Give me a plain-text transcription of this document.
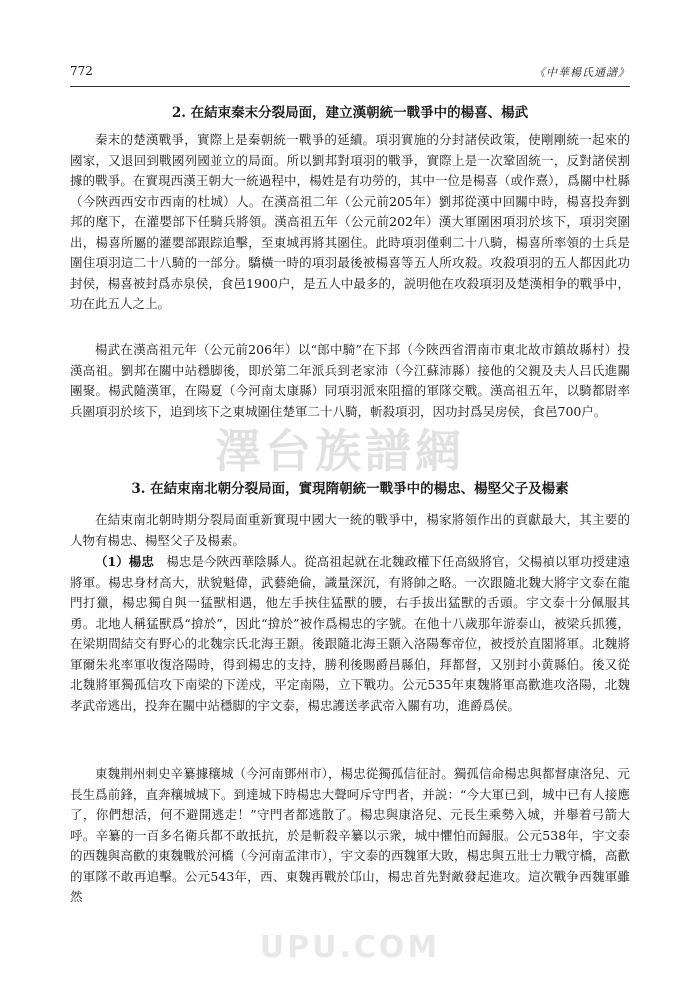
772	《中華楊氏通譜》
2. 在結束秦末分裂局面，建立漢朝統一戰爭中的楊喜、楊武

秦末的楚漢戰爭，實際上是秦朝統一戰爭的延續。項羽實施的分封諸侯政策，使剛剛統一起來的國家，又退回到戰國列國並立的局面。所以劉邦對項羽的戰爭，實際上是一次鞏固統一，反對諸侯割據的戰爭。在實現西漢王朝大一統過程中，楊姓是有功勞的，其中一位是楊喜（或作熹），爲關中杜縣（今陜西西安市西南的杜城）人。在漢高祖二年（公元前205年）劉邦從漢中回關中時，楊喜投奔劉邦的麾下，在灌嬰部下任騎兵將領。漢高祖五年（公元前202年）漢大軍圍困項羽於垓下，項羽突圍出，楊喜所屬的灌嬰部跟踪追擊，至東城再將其圍住。此時項羽僅剩二十八騎，楊喜所率領的士兵是圍住項羽這二十八騎的一部分。驕橫一時的項羽最後被楊喜等五人所攻殺。攻殺項羽的五人都因此功封侯，楊喜被封爲赤泉侯，食邑1900户，是五人中最多的，説明他在攻殺項羽及楚漢相争的戰爭中，功在此五人之上。

楊武在漢高祖元年（公元前206年）以“郎中騎”在下邽（今陜西省渭南市東北故市鎮故縣村）投漢高祖。劉邦在關中站穩脚後，即於第二年派兵到老家沛（今江蘇沛縣）接他的父親及夫人吕氏進關團聚。楊武隨漢軍，在陽夏（今河南太康縣）同項羽派來阻擋的軍隊交戰。漢高祖五年，以騎都尉率兵圍項羽於垓下，追到垓下之東城圍住楚軍二十八騎，斬殺項羽，因功封爲吴房侯，食邑700户。

澤台族譜網
3. 在結束南北朝分裂局面，實現隋朝統一戰爭中的楊忠、楊堅父子及楊素

在結束南北朝時期分裂局面重新實現中國大一統的戰爭中，楊家將領作出的貢獻最大，其主要的人物有楊忠、楊堅父子及楊素。

（1）楊忠　 楊忠是今陜西華陰縣人。從高祖起就在北魏政權下任高級將官，父楊禎以軍功授建遠將軍。楊忠身材高大，狀貌魁偉，武藝絶倫，識量深沉，有將帥之略。一次跟隨北魏大將宇文泰在龍門打獵，楊忠獨自與一猛獸相遇，他左手挾住猛獸的腰，右手拔出猛獸的舌頭。宇文泰十分佩服其勇。北地人稱猛獸爲“揜於”，因此“揜於”被作爲楊忠的字號。在他十八歲那年游泰山，被梁兵抓獲，在梁期間結交有野心的北魏宗氏北海王顥。後跟隨北海王顥入洛陽奪帝位，被授於直閣將軍。北魏將軍爾朱兆率軍收復洛陽時，得到楊忠的支持，勝利後賜爵昌縣伯，拜都督，又别封小黄縣伯。後又從北魏將軍獨孤信攻下南梁的下溠戍，平定南陽，立下戰功。公元535年東魏將軍高歡進攻洛陽，北魏孝武帝逃出，投奔在關中站穩脚的宇文泰，楊忠護送孝武帝入關有功，進爵爲侯。

東魏荆州刺史辛纂據穰城（今河南鄧州市），楊忠從獨孤信征討。獨孤信命楊忠與都督康洛兒、元長生爲前鋒，直奔穰城城下。到達城下時楊忠大聲呵斥守門者，并説：“今大軍已到，城中已有人接應了，你們想活，何不避開逃走！”守門者都逃散了。楊忠與康洛兒、元長生乘勢入城，并舉着弓箭大呼。辛纂的一百多名衛兵都不敢抵抗，於是斬殺辛纂以示衆，城中懼怕而歸服。公元538年，宇文泰的西魏與高歡的東魏戰於河橋（今河南孟津市），宇文泰的西魏軍大敗，楊忠與五壯士力戰守橋，高歡的軍隊不敢再追擊。公元543年，西、東魏再戰於邙山，楊忠首先對敵發起進攻。這次戰争西魏軍雖然

UPU.COM
